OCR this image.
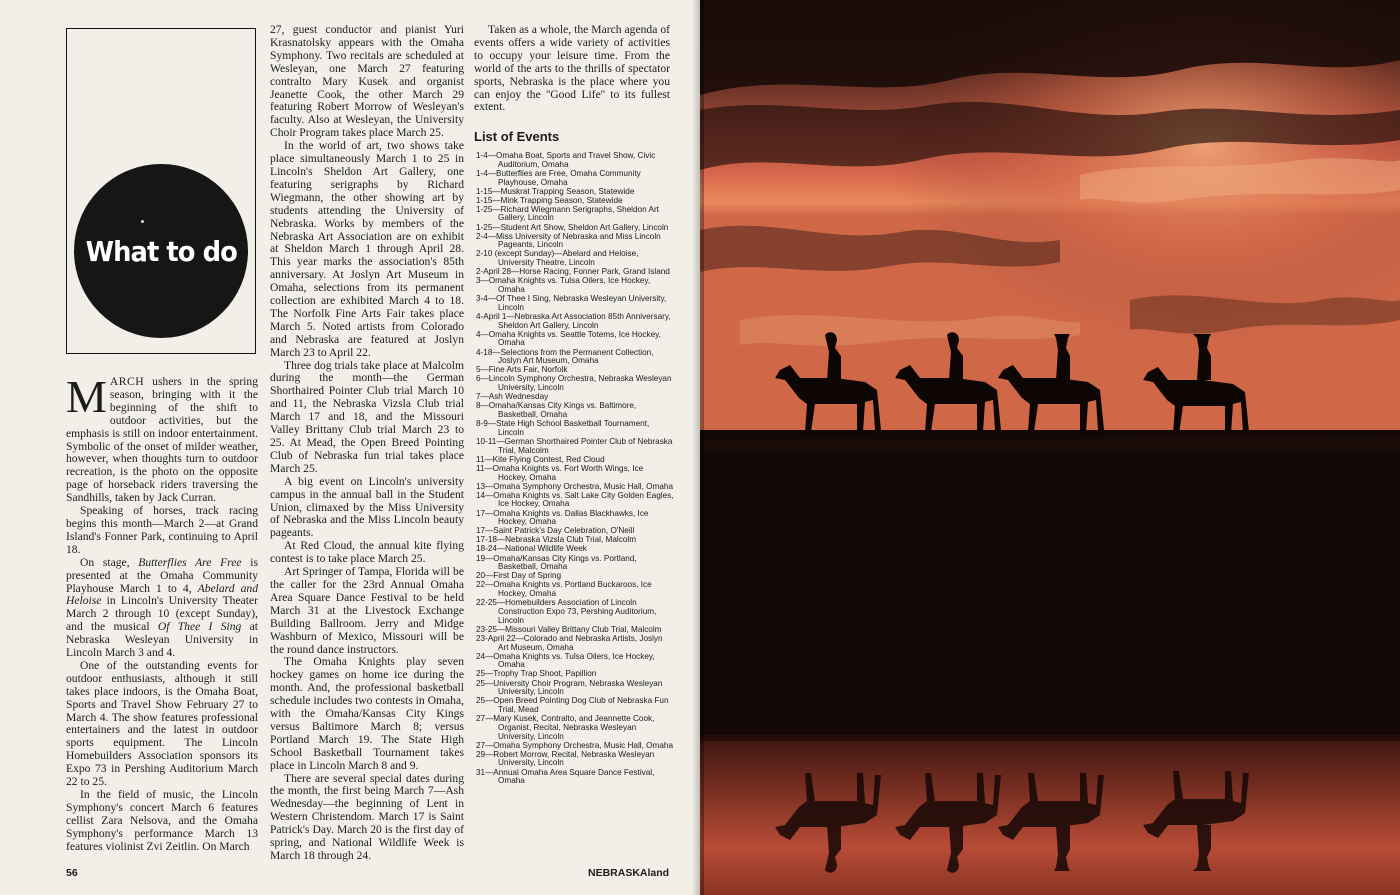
What to do

MARCH ushers in the spring season, bringing with it the beginning of the shift to outdoor activities, but the emphasis is still on indoor entertainment. Symbolic of the onset of milder weather, however, when thoughts turn to outdoor recreation, is the photo on the opposite page of horseback riders traversing the Sandhills, taken by Jack Curran.

Speaking of horses, track racing begins this month—March 2—at Grand Island's Fonner Park, continuing to April 18.

On stage, Butterflies Are Free is presented at the Omaha Community Playhouse March 1 to 4, Abelard and Heloise in Lincoln's University Theater March 2 through 10 (except Sunday), and the musical Of Thee I Sing at Nebraska Wesleyan University in Lincoln March 3 and 4.

One of the outstanding events for outdoor enthusiasts, although it still takes place indoors, is the Omaha Boat, Sports and Travel Show February 27 to March 4. The show features professional entertainers and the latest in outdoor sports equipment. The Lincoln Homebuilders Association sponsors its Expo 73 in Pershing Auditorium March 22 to 25.

In the field of music, the Lincoln Symphony's concert March 6 features cellist Zara Nelsova, and the Omaha Symphony's performance March 13 features violinist Zvi Zeitlin. On March

27, guest conductor and pianist Yuri Krasnatolsky appears with the Omaha Symphony. Two recitals are scheduled at Wesleyan, one March 27 featuring contralto Mary Kusek and organist Jeanette Cook, the other March 29 featuring Robert Morrow of Wesleyan's faculty. Also at Wesleyan, the University Choir Program takes place March 25.

In the world of art, two shows take place simultaneously March 1 to 25 in Lincoln's Sheldon Art Gallery, one featuring serigraphs by Richard Wiegmann, the other showing art by students attending the University of Nebraska. Works by members of the Nebraska Art Association are on exhibit at Sheldon March 1 through April 28. This year marks the association's 85th anniversary. At Joslyn Art Museum in Omaha, selections from its permanent collection are exhibited March 4 to 18. The Norfolk Fine Arts Fair takes place March 5. Noted artists from Colorado and Nebraska are featured at Joslyn March 23 to April 22.

Three dog trials take place at Malcolm during the month—the German Shorthaired Pointer Club trial March 10 and 11, the Nebraska Vizsla Club trial March 17 and 18, and the Missouri Valley Brittany Club trial March 23 to 25. At Mead, the Open Breed Pointing Club of Nebraska fun trial takes place March 25.

A big event on Lincoln's university campus in the annual ball in the Student Union, climaxed by the Miss University of Nebraska and the Miss Lincoln beauty pageants.

At Red Cloud, the annual kite flying contest is to take place March 25.

Art Springer of Tampa, Florida will be the caller for the 23rd Annual Omaha Area Square Dance Festival to be held March 31 at the Livestock Exchange Building Ballroom. Jerry and Midge Washburn of Mexico, Missouri will be the round dance instructors.

The Omaha Knights play seven hockey games on home ice during the month. And, the professional basketball schedule includes two contests in Omaha, with the Omaha/Kansas City Kings versus Baltimore March 8; versus Portland March 19. The State High School Basketball Tournament takes place in Lincoln March 8 and 9.

There are several special dates during the month, the first being March 7—Ash Wednesday—the beginning of Lent in Western Christendom. March 17 is Saint Patrick's Day. March 20 is the first day of spring, and National Wildlife Week is March 18 through 24.

Taken as a whole, the March agenda of events offers a wide variety of activities to occupy your leisure time. From the world of the arts to the thrills of spectator sports, Nebraska is the place where you can enjoy the ''Good Life'' to its fullest extent.

List of Events
1-4—Omaha Boat, Sports and Travel Show, Civic Auditorium, Omaha
1-4—Butterflies are Free, Omaha Community Playhouse, Omaha
1-15—Muskrat Trapping Season, Statewide
1-15—Mink Trapping Season, Statewide
1-25—Richard Wiegmann Serigraphs, Sheldon Art Gallery, Lincoln
1-25—Student Art Show, Sheldon Art Gallery, Lincoln
2-4—Miss University of Nebraska and Miss Lincoln Pageants, Lincoln
2-10 (except Sunday)—Abelard and Heloise, University Theatre, Lincoln
2-April 28—Horse Racing, Fonner Park, Grand Island
3—Omaha Knights vs. Tulsa Oilers, Ice Hockey, Omaha
3-4—Of Thee I Sing, Nebraska Wesleyan University, Lincoln
4-April 1—Nebraska Art Association 85th Anniversary, Sheldon Art Gallery, Lincoln
4—Omaha Knights vs. Seattle Totems, Ice Hockey, Omaha
4-18—Selections from the Permanent Collection, Joslyn Art Museum, Omaha
5—Fine Arts Fair, Norfolk
6—Lincoln Symphony Orchestra, Nebraska Wesleyan University, Lincoln
7—Ash Wednesday
8—Omaha/Kansas City Kings vs. Baltimore, Basketball, Omaha
8-9—State High School Basketball Tournament, Lincoln
10-11—German Shorthaired Pointer Club of Nebraska Trial, Malcolm
11—Kite Flying Contest, Red Cloud
11—Omaha Knights vs. Fort Worth Wings, Ice Hockey, Omaha
13—Omaha Symphony Orchestra, Music Hall, Omaha
14—Omaha Knights vs. Salt Lake City Golden Eagles, Ice Hockey, Omaha
17—Omaha Knights vs. Dallas Blackhawks, Ice Hockey, Omaha
17—Saint Patrick's Day Celebration, O'Neill
17-18—Nebraska Vizsla Club Trial, Malcolm
18-24—National Wildlife Week
19—Omaha/Kansas City Kings vs. Portland, Basketball, Omaha
20—First Day of Spring
22—Omaha Knights vs. Portland Buckaroos, Ice Hockey, Omaha
22-25—Homebuilders Association of Lincoln Construction Expo 73, Pershing Auditorium, Lincoln
23-25—Missouri Valley Brittany Club Trial, Malcolm
23-April 22—Colorado and Nebraska Artists, Joslyn Art Museum, Omaha
24—Omaha Knights vs. Tulsa Oilers, Ice Hockey, Omaha
25—Trophy Trap Shoot, Papillion
25—University Choir Program, Nebraska Wesleyan University, Lincoln
25—Open Breed Pointing Dog Club of Nebraska Fun Trial, Mead
27—Mary Kusek, Contralto, and Jeannette Cook, Organist, Recital, Nebraska Wesleyan University, Lincoln
27—Omaha Symphony Orchestra, Music Hall, Omaha
29—Robert Morrow, Recital, Nebraska Wesleyan University, Lincoln
31—Annual Omaha Area Square Dance Festival, Omaha
56	NEBRASKAland
